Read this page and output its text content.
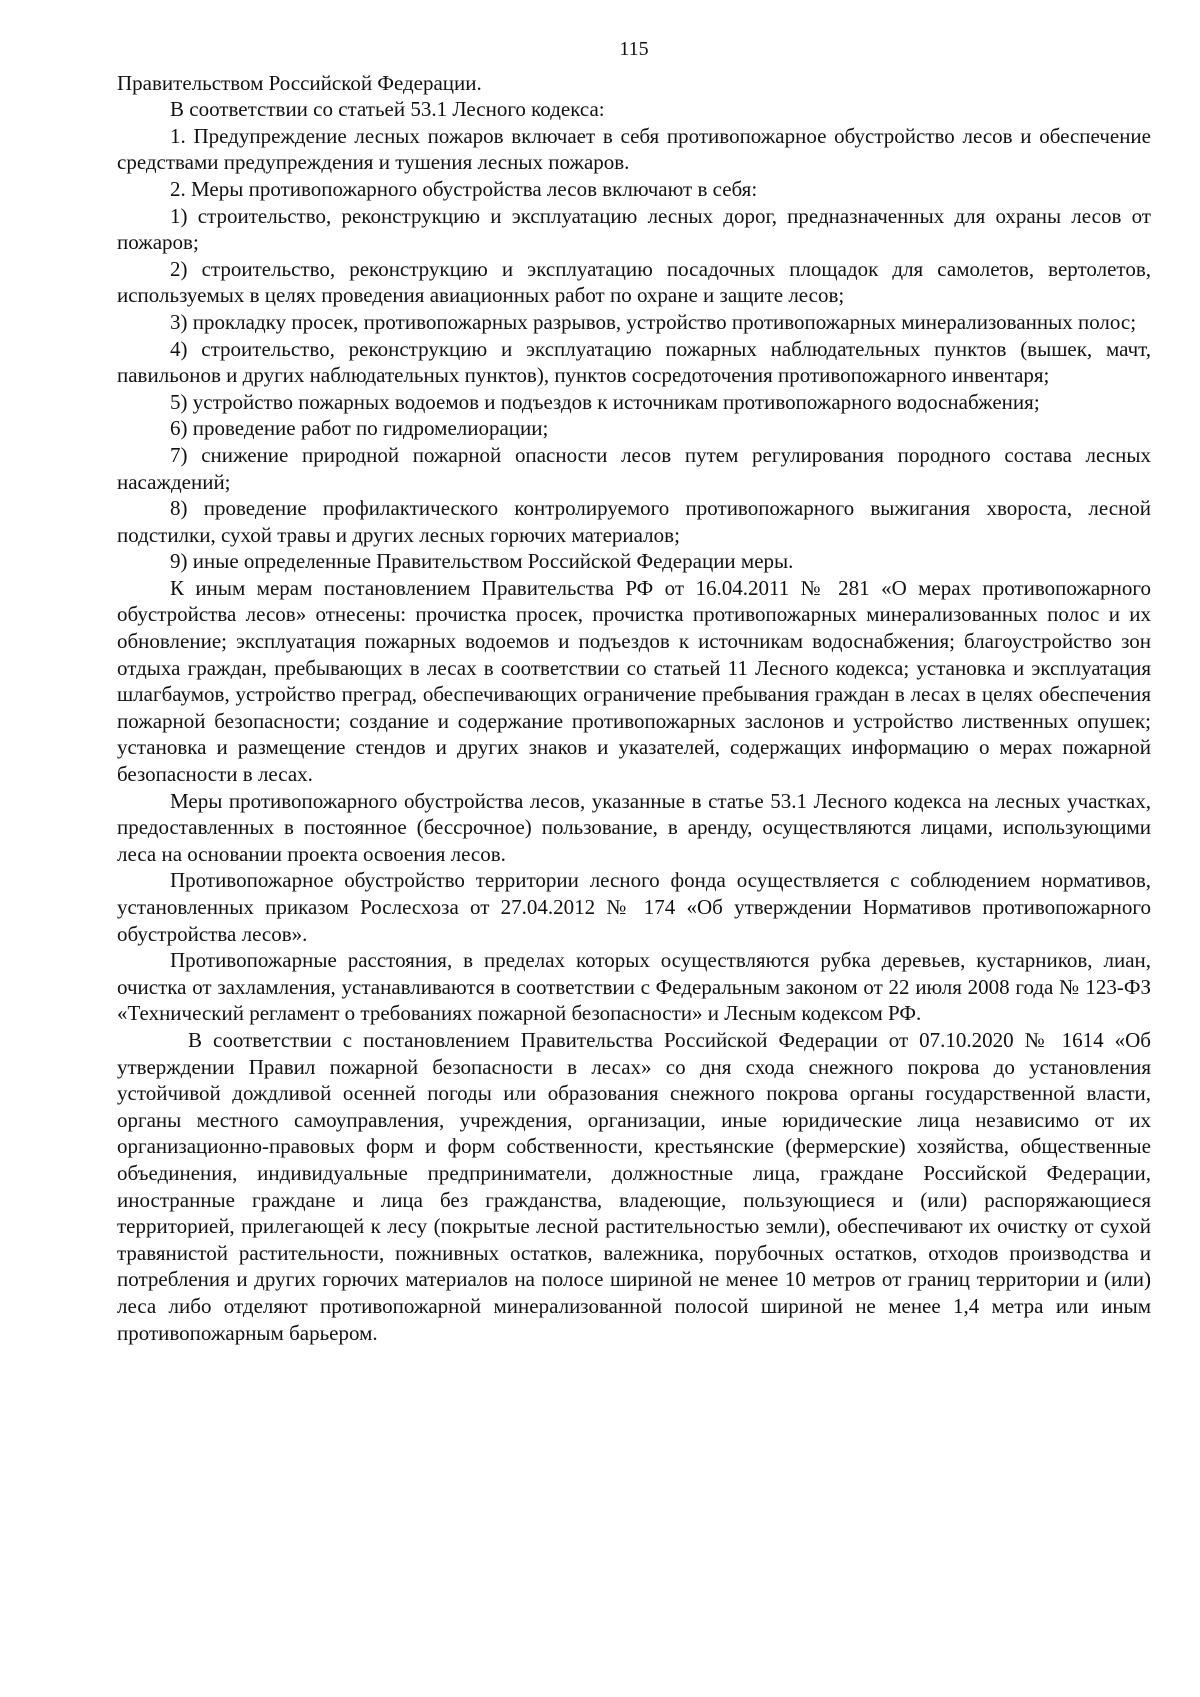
115

Правительством Российской Федерации.

В соответствии со статьей 53.1 Лесного кодекса:

1. Предупреждение лесных пожаров включает в себя противопожарное обустройство лесов и обеспечение средствами предупреждения и тушения лесных пожаров.

2. Меры противопожарного обустройства лесов включают в себя:

1) строительство, реконструкцию и эксплуатацию лесных дорог, предназначенных для охраны лесов от пожаров;

2) строительство, реконструкцию и эксплуатацию посадочных площадок для самолетов, вертолетов, используемых в целях проведения авиационных работ по охране и защите лесов;

3) прокладку просек, противопожарных разрывов, устройство противопожарных минерализованных полос;

4) строительство, реконструкцию и эксплуатацию пожарных наблюдательных пунктов (вышек, мачт, павильонов и других наблюдательных пунктов), пунктов сосредоточения противопожарного инвентаря;

5) устройство пожарных водоемов и подъездов к источникам противопожарного водоснабжения;

6) проведение работ по гидромелиорации;

7) снижение природной пожарной опасности лесов путем регулирования породного состава лесных насаждений;

8) проведение профилактического контролируемого противопожарного выжигания хвороста, лесной подстилки, сухой травы и других лесных горючих материалов;

9) иные определенные Правительством Российской Федерации меры.

К иным мерам постановлением Правительства РФ от 16.04.2011 № 281 «О мерах противопожарного обустройства лесов» отнесены: прочистка просек, прочистка противопожарных минерализованных полос и их обновление; эксплуатация пожарных водоемов и подъездов к источникам водоснабжения; благоустройство зон отдыха граждан, пребывающих в лесах в соответствии со статьей 11 Лесного кодекса; установка и эксплуатация шлагбаумов, устройство преград, обеспечивающих ограничение пребывания граждан в лесах в целях обеспечения пожарной безопасности; создание и содержание противопожарных заслонов и устройство лиственных опушек; установка и размещение стендов и других знаков и указателей, содержащих информацию о мерах пожарной безопасности в лесах.

Меры противопожарного обустройства лесов, указанные в статье 53.1 Лесного кодекса на лесных участках, предоставленных в постоянное (бессрочное) пользование, в аренду, осуществляются лицами, использующими леса на основании проекта освоения лесов.

Противопожарное обустройство территории лесного фонда осуществляется с соблюдением нормативов, установленных приказом Рослесхоза от 27.04.2012 № 174 «Об утверждении Нормативов противопожарного обустройства лесов».

Противопожарные расстояния, в пределах которых осуществляются рубка деревьев, кустарников, лиан, очистка от захламления, устанавливаются в соответствии с Федеральным законом от 22 июля 2008 года № 123-ФЗ «Технический регламент о требованиях пожарной безопасности» и Лесным кодексом РФ.

В соответствии с постановлением Правительства Российской Федерации от 07.10.2020 № 1614 «Об утверждении Правил пожарной безопасности в лесах» со дня схода снежного покрова до установления устойчивой дождливой осенней погоды или образования снежного покрова органы государственной власти, органы местного самоуправления, учреждения, организации, иные юридические лица независимо от их организационно-правовых форм и форм собственности, крестьянские (фермерские) хозяйства, общественные объединения, индивидуальные предприниматели, должностные лица, граждане Российской Федерации, иностранные граждане и лица без гражданства, владеющие, пользующиеся и (или) распоряжающиеся территорией, прилегающей к лесу (покрытые лесной растительностью земли), обеспечивают их очистку от сухой травянистой растительности, пожнивных остатков, валежника, порубочных остатков, отходов производства и потребления и других горючих материалов на полосе шириной не менее 10 метров от границ территории и (или) леса либо отделяют противопожарной минерализованной полосой шириной не менее 1,4 метра или иным противопожарным барьером.
